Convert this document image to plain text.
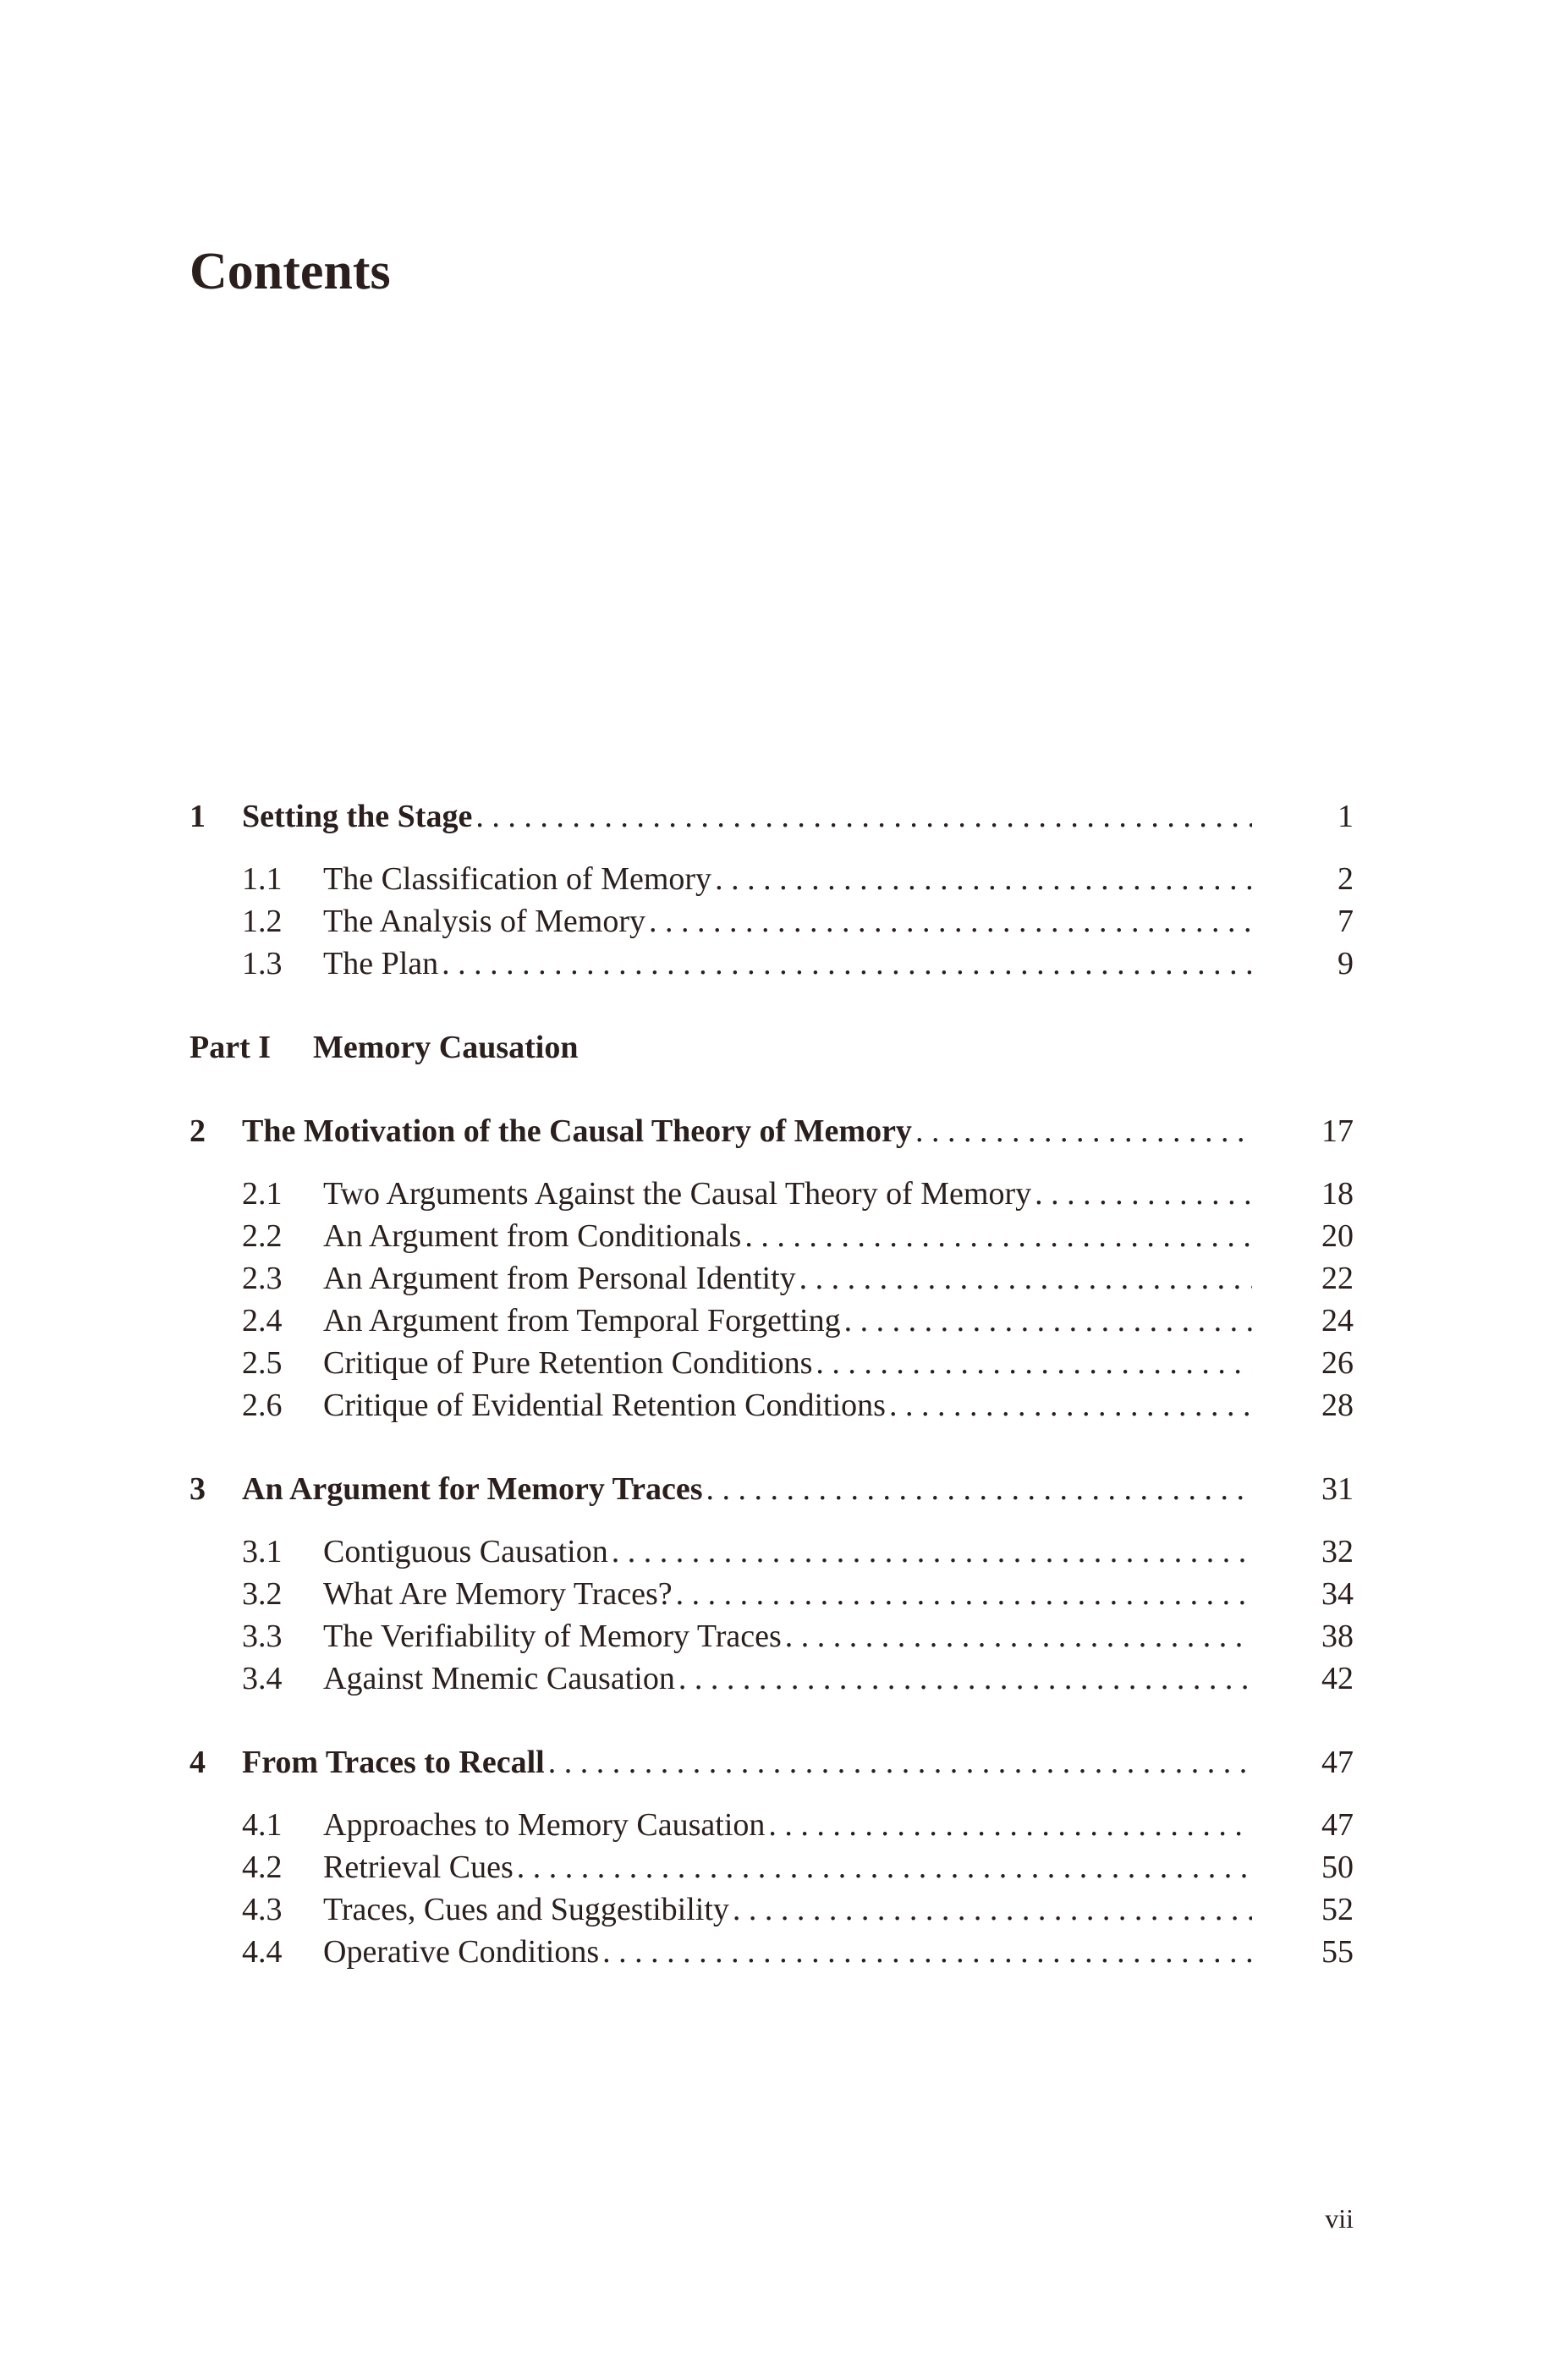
Contents
1	Setting the Stage . . .	1
1.1	The Classification of Memory . . .	2
1.2	The Analysis of Memory . . .	7
1.3	The Plan . . .	9
Part I	Memory Causation
2	The Motivation of the Causal Theory of Memory . . .	17
2.1	Two Arguments Against the Causal Theory of Memory . . .	18
2.2	An Argument from Conditionals . . .	20
2.3	An Argument from Personal Identity . . .	22
2.4	An Argument from Temporal Forgetting . . .	24
2.5	Critique of Pure Retention Conditions . . .	26
2.6	Critique of Evidential Retention Conditions . . .	28
3	An Argument for Memory Traces . . .	31
3.1	Contiguous Causation . . .	32
3.2	What Are Memory Traces? . . .	34
3.3	The Verifiability of Memory Traces . . .	38
3.4	Against Mnemic Causation . . .	42
4	From Traces to Recall . . .	47
4.1	Approaches to Memory Causation . . .	47
4.2	Retrieval Cues . . .	50
4.3	Traces, Cues and Suggestibility . . .	52
4.4	Operative Conditions . . .	55
vii
